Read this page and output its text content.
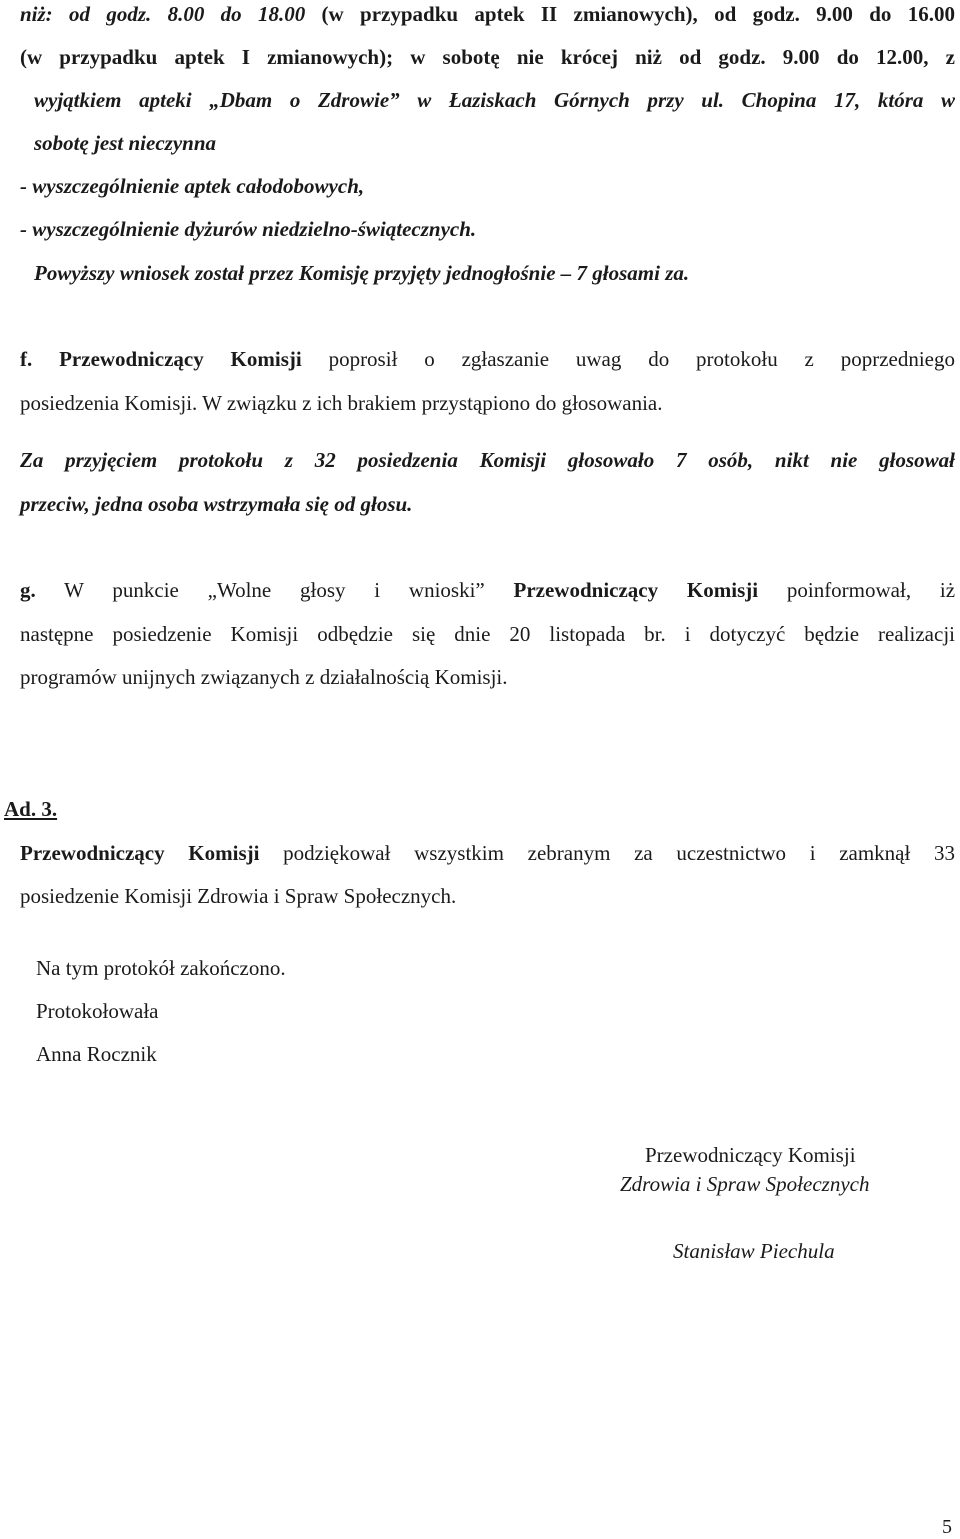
niż: od godz. 8.00 do 18.00 (w przypadku aptek II zmianowych), od godz. 9.00 do 16.00
(w przypadku aptek I zmianowych); w sobotę nie krócej niż od godz. 9.00 do 12.00, z
wyjątkiem apteki „Dbam o Zdrowie” w Łaziskach Górnych przy ul. Chopina 17, która w
sobotę jest nieczynna
- wyszczególnienie aptek całodobowych,
- wyszczególnienie dyżurów niedzielno-świątecznych.
Powyższy wniosek został przez Komisję przyjęty jednogłośnie – 7 głosami za.
f. Przewodniczący Komisji poprosił o zgłaszanie uwag do protokołu z poprzedniego
posiedzenia Komisji. W związku z ich brakiem przystąpiono do głosowania.
Za przyjęciem protokołu z 32 posiedzenia Komisji głosowało 7 osób, nikt nie głosował
przeciw, jedna osoba wstrzymała się od głosu.
g. W punkcie „Wolne głosy i wnioski” Przewodniczący Komisji poinformował, iż
następne posiedzenie Komisji odbędzie się dnie 20 listopada br. i dotyczyć będzie realizacji
programów unijnych związanych z działalnością Komisji.
Ad. 3.
Przewodniczący Komisji podziękował wszystkim zebranym za uczestnictwo i zamknął 33
posiedzenie Komisji Zdrowia i Spraw Społecznych.
Na tym protokół zakończono.
Protokołowała
Anna Rocznik
Przewodniczący Komisji
Zdrowia i Spraw Społecznych
Stanisław Piechula
5
